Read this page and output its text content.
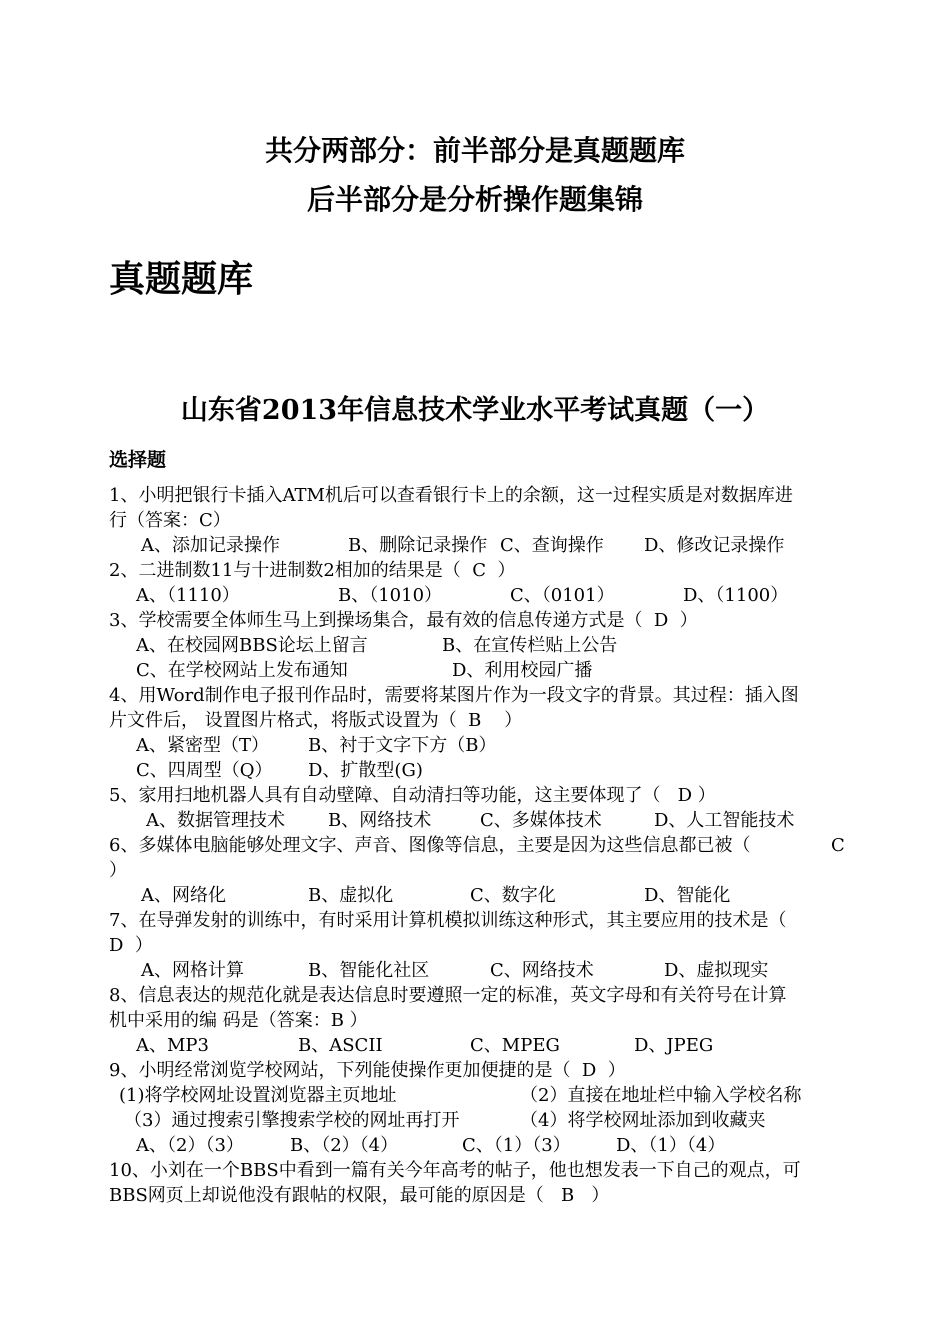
共分两部分：前半部分是真题题库
后半部分是分析操作题集锦
真题题库
山东省2013年信息技术学业水平考试真题（一）
选择题
1、小明把银行卡插入ATM机后可以查看银行卡上的余额，这一过程实质是对数据库进
行（答案：C）
A、添加记录操作	B、删除记录操作 C、查询操作 D、修改记录操作
2、二进制数11与十进制数2相加的结果是（  C  ）
A、（1110）	B、（1010）	C、（0101）	D、（1100）
3、学校需要全体师生马上到操场集合，最有效的信息传递方式是（  D  ）
A、在校园网BBS论坛上留言	B、在宣传栏贴上公告
C、在学校网站上发布通知	D、利用校园广播
4、用Word制作电子报刊作品时，需要将某图片作为一段文字的背景。其过程：插入图
片文件后， 设置图片格式，将版式设置为（  B    ）
A、紧密型（T） B、衬于文字下方（B）
C、四周型（Q） D、扩散型(G)
5、家用扫地机器人具有自动壁障、自动清扫等功能，这主要体现了（   D ）
A、数据管理技术 B、网络技术	C、多媒体技术	D、人工智能技术
6、多媒体电脑能够处理文字、声音、图像等信息，主要是因为这些信息都已被（	C
）
A、网络化	B、虚拟化	C、数字化	D、智能化
7、在导弹发射的训练中，有时采用计算机模拟训练这种形式，其主要应用的技术是（
D  ）
A、网格计算	B、智能化社区	C、网络技术	D、虚拟现实
8、信息表达的规范化就是表达信息时要遵照一定的标准，英文字母和有关符号在计算
机中采用的编 码是（答案：B ）
A、MP3	B、ASCII	C、MPEG	D、JPEG
9、小明经常浏览学校网站，下列能使操作更加便捷的是（  D  ）
(1)将学校网址设置浏览器主页地址	（2）直接在地址栏中输入学校名称
（3）通过搜索引擎搜索学校的网址再打开	（4）将学校网址添加到收藏夹
A、（2）（3）	B、（2）（4）	C、（1）（3）	D、（1）（4）
10、小刘在一个BBS中看到一篇有关今年高考的帖子，他也想发表一下自己的观点，可
BBS网页上却说他没有跟帖的权限，最可能的原因是（   B   ）
